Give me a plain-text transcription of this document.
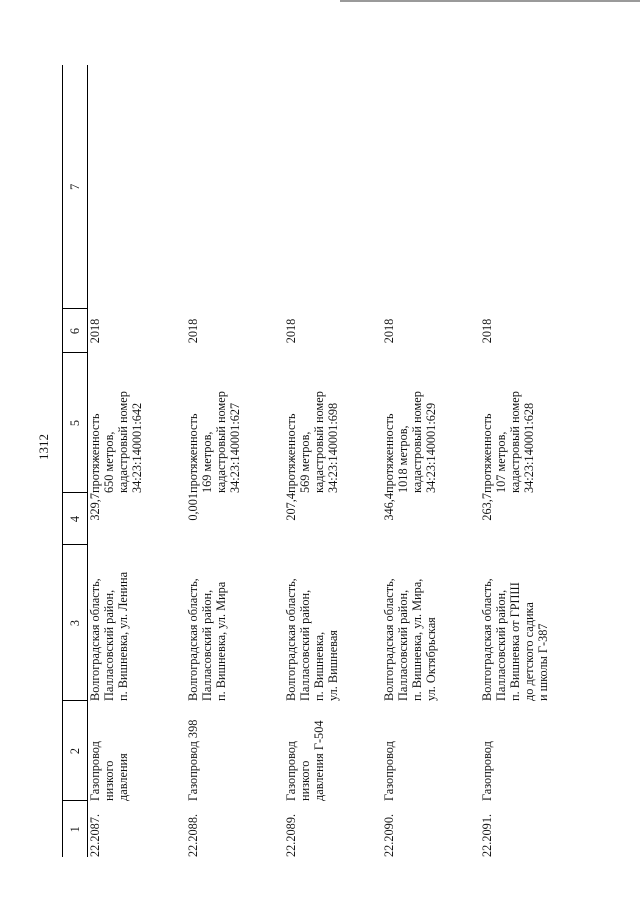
1312
1	2	3	4	5	6	7
22.2087.	Газопровод низкого
давления	Волгоградская область,
Палласовский район,
п. Вишневка, ул. Ленина	329,7	протяженность
650 метров,
кадастровый номер
34:23:140001:642	2018	
22.2088.	Газопровод 398	Волгоградская область,
Палласовский район,
п. Вишневка, ул. Мира	0,001	протяженность
169 метров,
кадастровый номер
34:23:140001:627	2018	
22.2089.	Газопровод низкого
давления Г-504	Волгоградская область,
Палласовский район,
п. Вишневка,
ул. Вишневая	207,4	протяженность
569 метров,
кадастровый номер
34:23:140001:698	2018	
22.2090.	Газопровод	Волгоградская область,
Палласовский район,
п. Вишневка, ул. Мира,
ул. Октябрьская	346,4	протяженность
1018 метров,
кадастровый номер
34:23:140001:629	2018	
22.2091.	Газопровод	Волгоградская область,
Палласовский район,
п. Вишневка от ГРПШ
до детского садика
и школы Г-387	263,7	протяженность
107 метров,
кадастровый номер
34:23:140001:628	2018	
